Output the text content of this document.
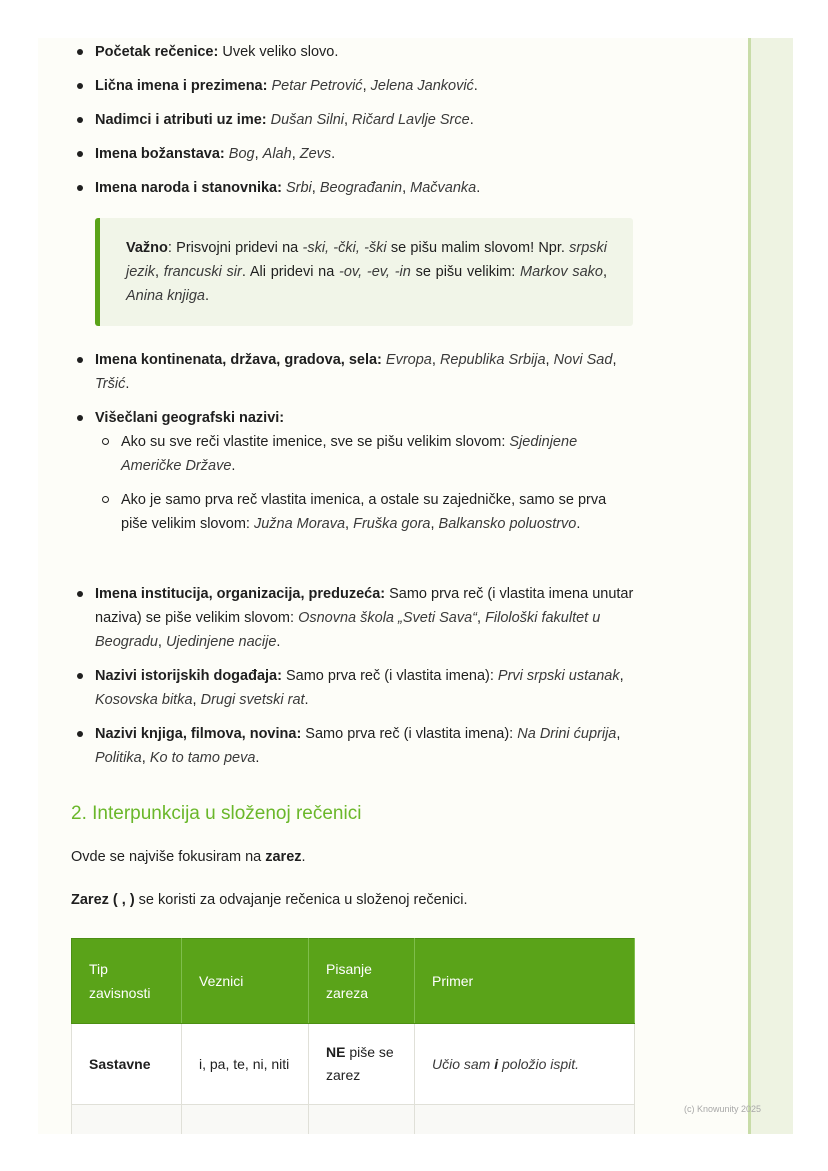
Početak rečenice: Uvek veliko slovo.
Lična imena i prezimena: Petar Petrović, Jelena Janković.
Nadimci i atributi uz ime: Dušan Silni, Ričard Lavlje Srce.
Imena božanstava: Bog, Alah, Zevs.
Imena naroda i stanovnika: Srbi, Beograđanin, Mačvanka.
Važno: Prisvojni pridevi na -ski, -čki, -ški se pišu malim slovom! Npr. srpski jezik, francuski sir. Ali pridevi na -ov, -ev, -in se pišu velikim: Markov sako, Anina knjiga.
Imena kontinenata, država, gradova, sela: Evropa, Republika Srbija, Novi Sad, Tršić.
Višečlani geografski nazivi:
Ako su sve reči vlastite imenice, sve se pišu velikim slovom: Sjedinjene Američke Države.
Ako je samo prva reč vlastita imenica, a ostale su zajedničke, samo se prva piše velikim slovom: Južna Morava, Fruška gora, Balkansko poluostrvo.
Imena institucija, organizacija, preduzeća: Samo prva reč (i vlastita imena unutar naziva) se piše velikim slovom: Osnovna škola „Sveti Sava“, Filološki fakultet u Beogradu, Ujedinjene nacije.
Nazivi istorijskih događaja: Samo prva reč (i vlastita imena): Prvi srpski ustanak, Kosovska bitka, Drugi svetski rat.
Nazivi knjiga, filmova, novina: Samo prva reč (i vlastita imena): Na Drini ćuprija, Politika, Ko to tamo peva.
2. Interpunkcija u složenoj rečenici

Ovde se najviše fokusiram na zarez.

Zarez ( , ) se koristi za odvajanje rečenica u složenoj rečenici.

Tip zavisnosti	Veznici	Pisanje zareza	Primer
Sastavne	i, pa, te, ni, niti	NE piše se zarez	Učio sam i položio ispit.

(c) Knowunity 2025
